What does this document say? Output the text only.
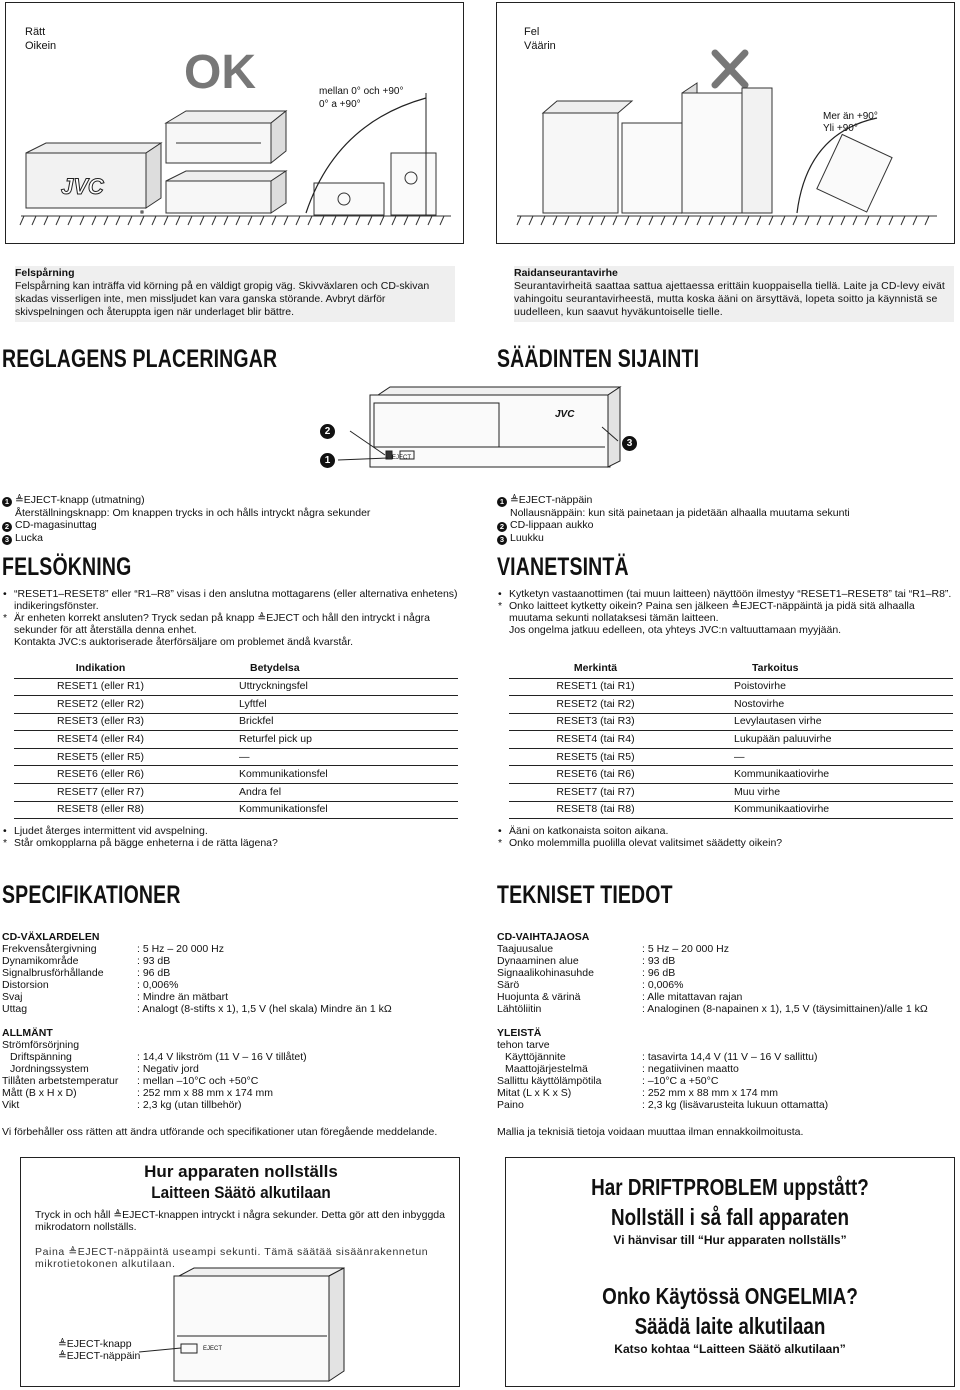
Rätt
Oikein	OK	mellan 0° och +90°
0° a +90°
JVC
Fel
Väärin
Mer än +90°
Yli +90°
Felspårning
Felspårning kan inträffa vid körning på en väldigt gropig väg. Skivväxlaren och CD-skivan skadas visserligen inte, men missljudet kan vara ganska störande. Avbryt därför skivspelningen och återuppta igen när underlaget blir bättre.
Raidanseurantavirhe
Seurantavirheitä saattaa sattua ajettaessa erittäin kuoppaisella tiellä. Laite ja CD-levy eivät vahingoitu seurantavirheestä, mutta koska ääni on ärsyttävä, lopeta soitto ja käynnistä se uudelleen, kun saavut hyväkuntoiselle tielle.
REGLAGENS PLACERINGAR	SÄÄDINTEN SIJAINTI
EJECT
JVC
2
1
3
1 ≜EJECT-knapp (utmatning)
Återställningsknapp: Om knappen trycks in och hålls intryckt några sekunder
2 CD-magasinuttag
3 Lucka
1 ≜EJECT-näppäin
Nollausnäppäin: kun sitä painetaan ja pidetään alhaalla muutama sekunti
2 CD-lippaan aukko
3 Luukku
FELSÖKNING	VIANETSINTÄ
• “RESET1–RESET8” eller “R1–R8” visas i den anslutna mottagarens (eller alternativa enhetens) indikeringsfönster.
* Är enheten korrekt ansluten? Tryck sedan på knapp ≜EJECT och håll den intryckt i några sekunder för att återställa denna enhet.
Kontakta JVC:s auktoriserade återförsäljare om problemet ändå kvarstår.
• Kytketyn vastaanottimen (tai muun laitteen) näyttöön ilmestyy “RESET1–RESET8” tai “R1–R8”.
* Onko laitteet kytketty oikein? Paina sen jälkeen ≜EJECT-näppäintä ja pidä sitä alhaalla muutama sekunti nollataksesi tämän laitteen.
Jos ongelma jatkuu edelleen, ota yhteys JVC:n valtuuttamaan myyjään.
Indikation	Betydelsa
RESET1 (eller R1)	Uttryckningsfel
RESET2 (eller R2)	Lyftfel
RESET3 (eller R3)	Brickfel
RESET4 (eller R4)	Returfel pick up
RESET5 (eller R5)	—
RESET6 (eller R6)	Kommunikationsfel
RESET7 (eller R7)	Andra fel
RESET8 (eller R8)	Kommunikationsfel
Merkintä	Tarkoitus
RESET1 (tai R1)	Poistovirhe
RESET2 (tai R2)	Nostovirhe
RESET3 (tai R3)	Levylautasen virhe
RESET4 (tai R4)	Lukupään paluuvirhe
RESET5 (tai R5)	—
RESET6 (tai R6)	Kommunikaatiovirhe
RESET7 (tai R7)	Muu virhe
RESET8 (tai R8)	Kommunikaatiovirhe
• Ljudet återges intermittent vid avspelning.
* Står omkopplarna på bägge enheterna i de rätta lägena?
• Ääni on katkonaista soiton aikana.
* Onko molemmilla puolilla olevat valitsimet säädetty oikein?
SPECIFIKATIONER	TEKNISET TIEDOT
CD-VÄXLARDELEN
Frekvensåtergivning	: 5 Hz – 20 000 Hz
Dynamikområde	: 93 dB
Signalbrusförhållande	: 96 dB
Distorsion	: 0,006%
Svaj	: Mindre än mätbart
Uttag	: Analogt (8-stifts x 1), 1,5 V (hel skala) Mindre än 1 kΩ
ALLMÄNT
Strömförsörjning
Driftspänning	: 14,4 V likström (11 V – 16 V tillåtet)
Jordningssystem	: Negativ jord
Tillåten arbetstemperatur : mellan –10°C och +50°C
Mått (B x H x D)	: 252 mm x 88 mm x 174 mm
Vikt	: 2,3 kg (utan tillbehör)
Vi förbehåller oss rätten att ändra utförande och specifikationer utan föregående meddelande.
CD-VAIHTAJAOSA
Taajuusalue	: 5 Hz – 20 000 Hz
Dynaaminen alue	: 93 dB
Signaalikohinasuhde	: 96 dB
Särö	: 0,006%
Huojunta & värinä	: Alle mitattavan rajan
Lähtöliitin	: Analoginen (8-napainen x 1), 1,5 V (täysimittainen)/alle 1 kΩ
YLEISTÄ
tehon tarve
Käyttöjännite	: tasavirta 14,4 V (11 V – 16 V sallittu)
Maattojärjestelmä	: negatiivinen maatto
Sallittu käyttölämpötila	: –10°C a +50°C
Mitat (L x K x S)	: 252 mm x 88 mm x 174 mm
Paino	: 2,3 kg (lisävarusteita lukuun ottamatta)
Mallia ja teknisiä tietoja voidaan muuttaa ilman ennakkoilmoitusta.
Hur apparaten nollställs
Laitteen Säätö alkutilaan
Tryck in och håll ≜EJECT-knappen intryckt i några sekunder. Detta gör att den inbyggda mikrodatorn nollställs.
Paina ≜EJECT-näppäintä useampi sekunti. Tämä säätää sisäänrakennetun mikrotietokonen alkutilaan.
EJECT
≜EJECT-knapp
≜EJECT-näppäin
Har DRIFTPROBLEM uppstått?
Nollställ i så fall apparaten
Vi hänvisar till “Hur apparaten nollställs”
Onko Käytössä ONGELMIA?
Säädä laite alkutilaan
Katso kohtaa “Laitteen Säätö alkutilaan”
